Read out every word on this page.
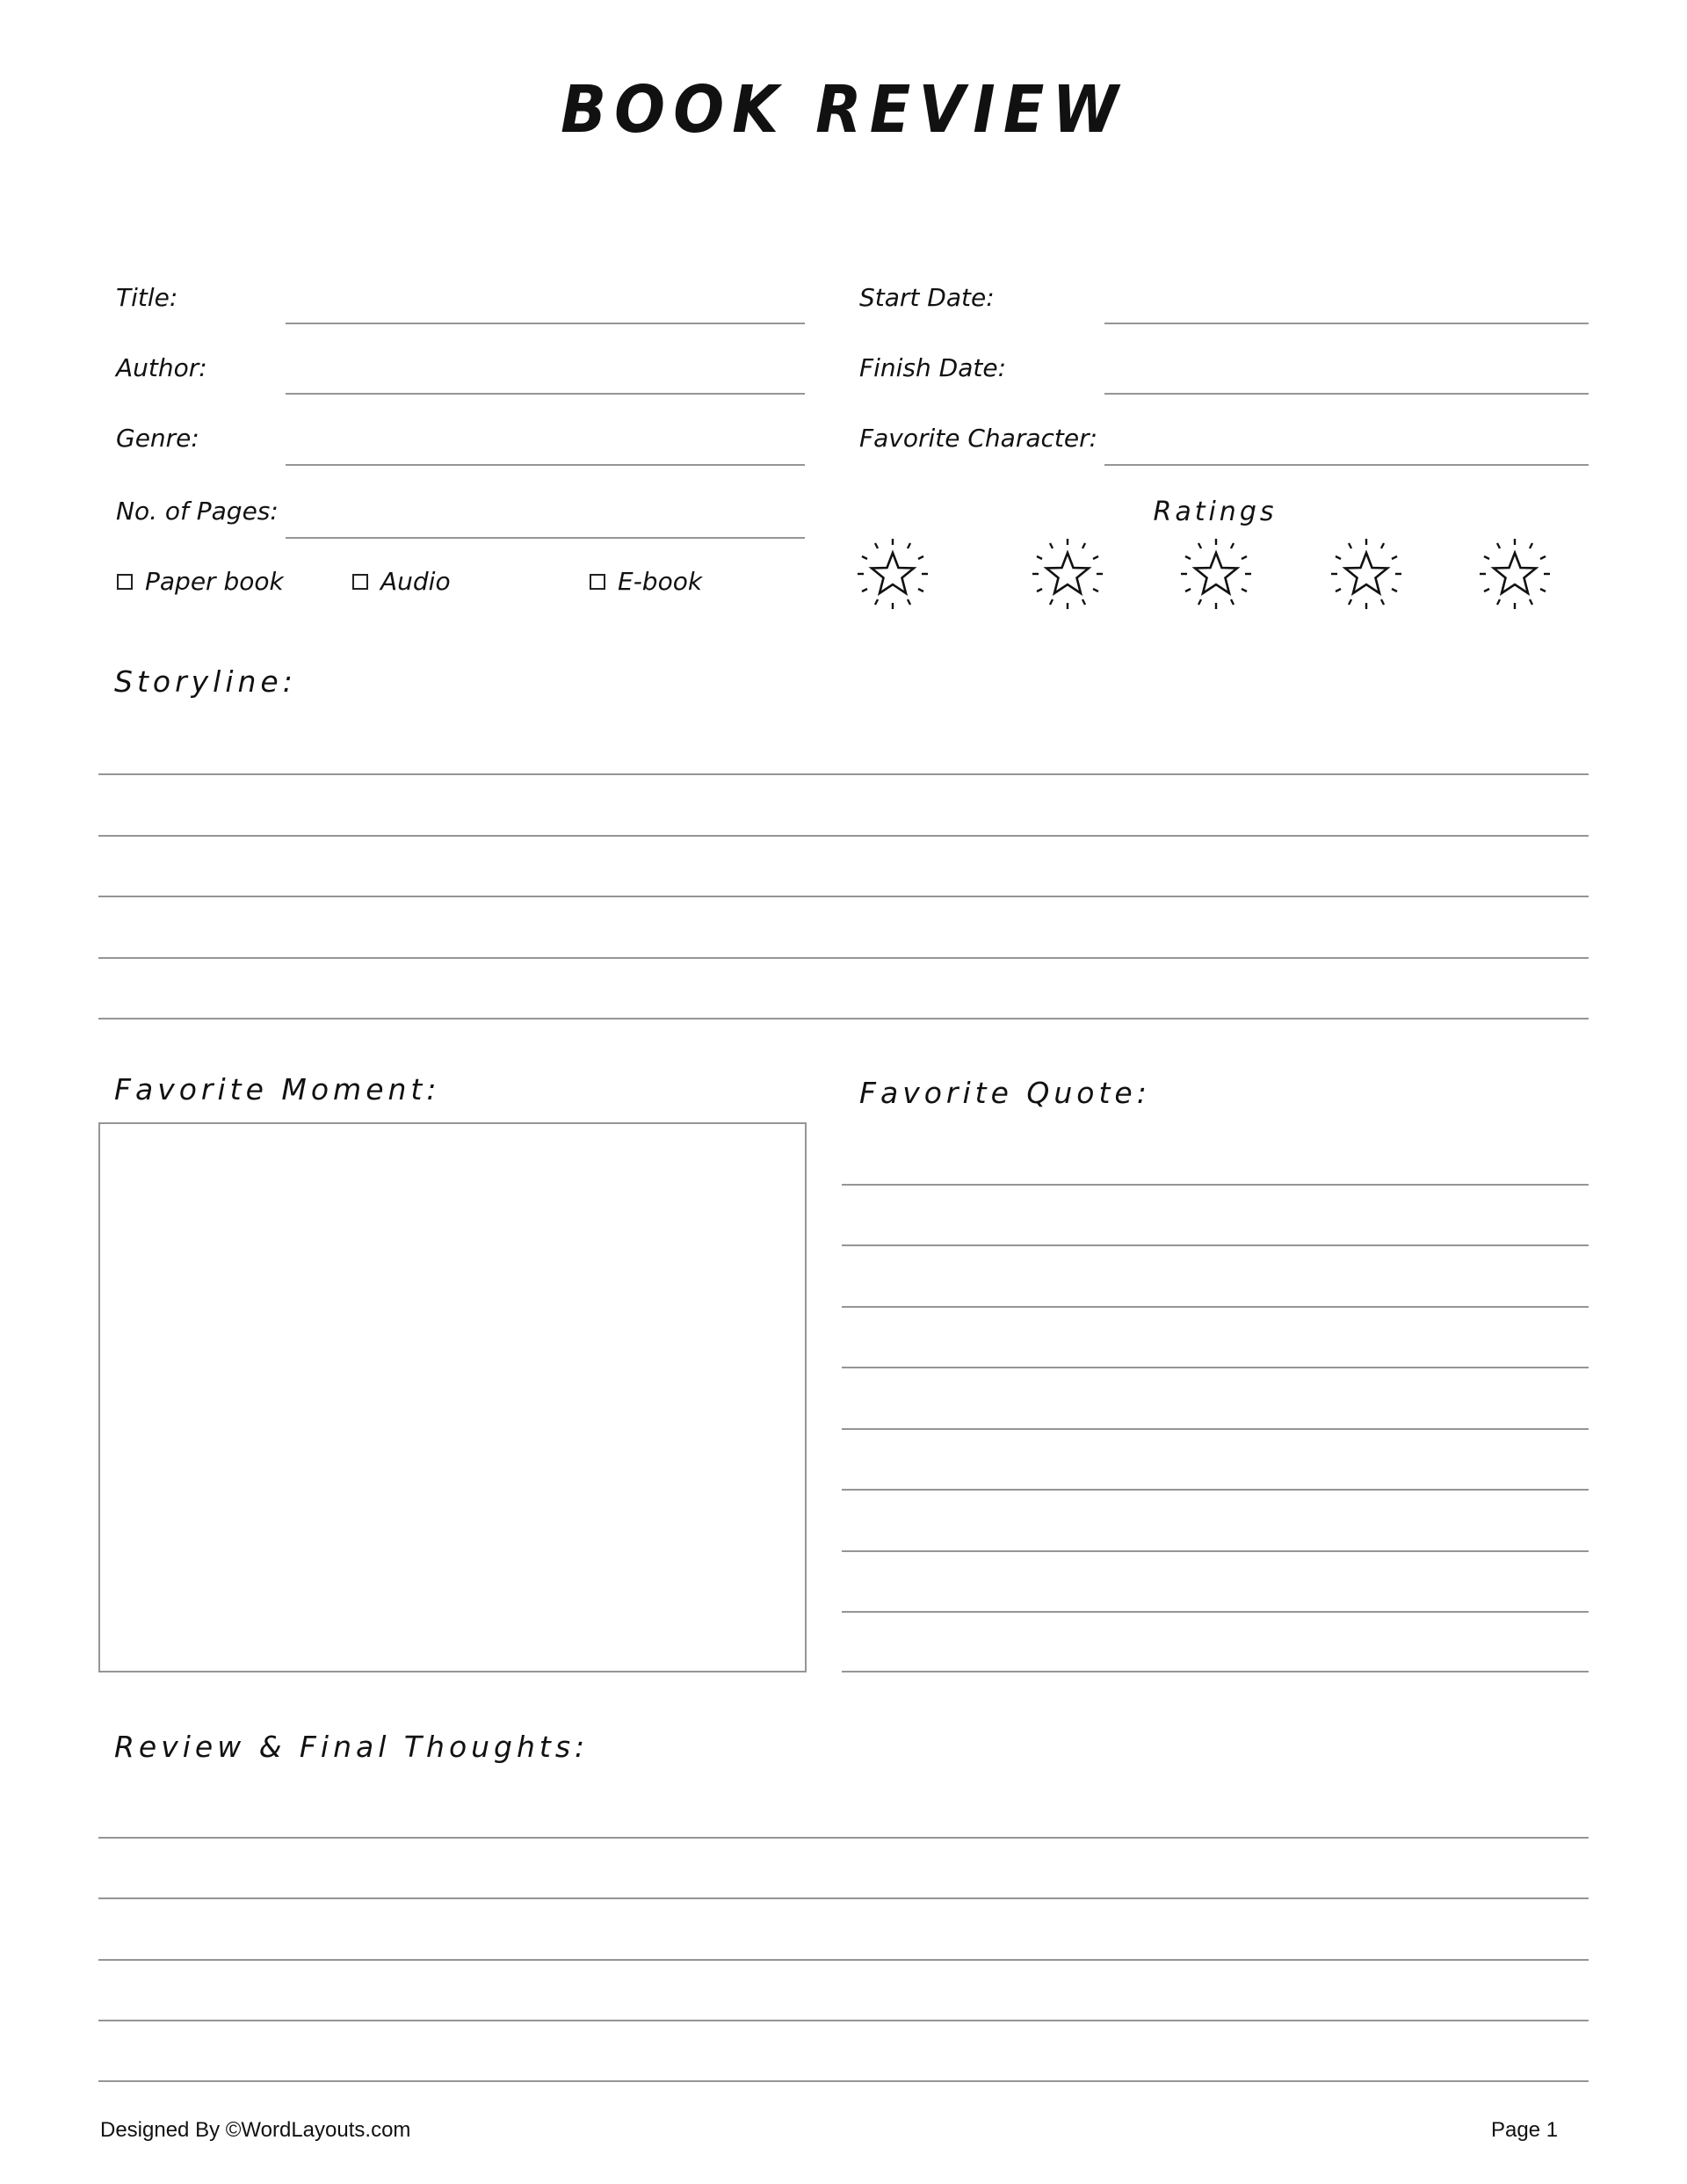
BOOK REVIEW
Title:
Author:
Genre:
No. of Pages:
Paper book	Audio	E-book
Start Date:
Finish Date:
Favorite Character:
Ratings
Storyline:
Favorite Moment:	Favorite Quote:
Review & Final Thoughts:
Designed By ©WordLayouts.com	Page 1
